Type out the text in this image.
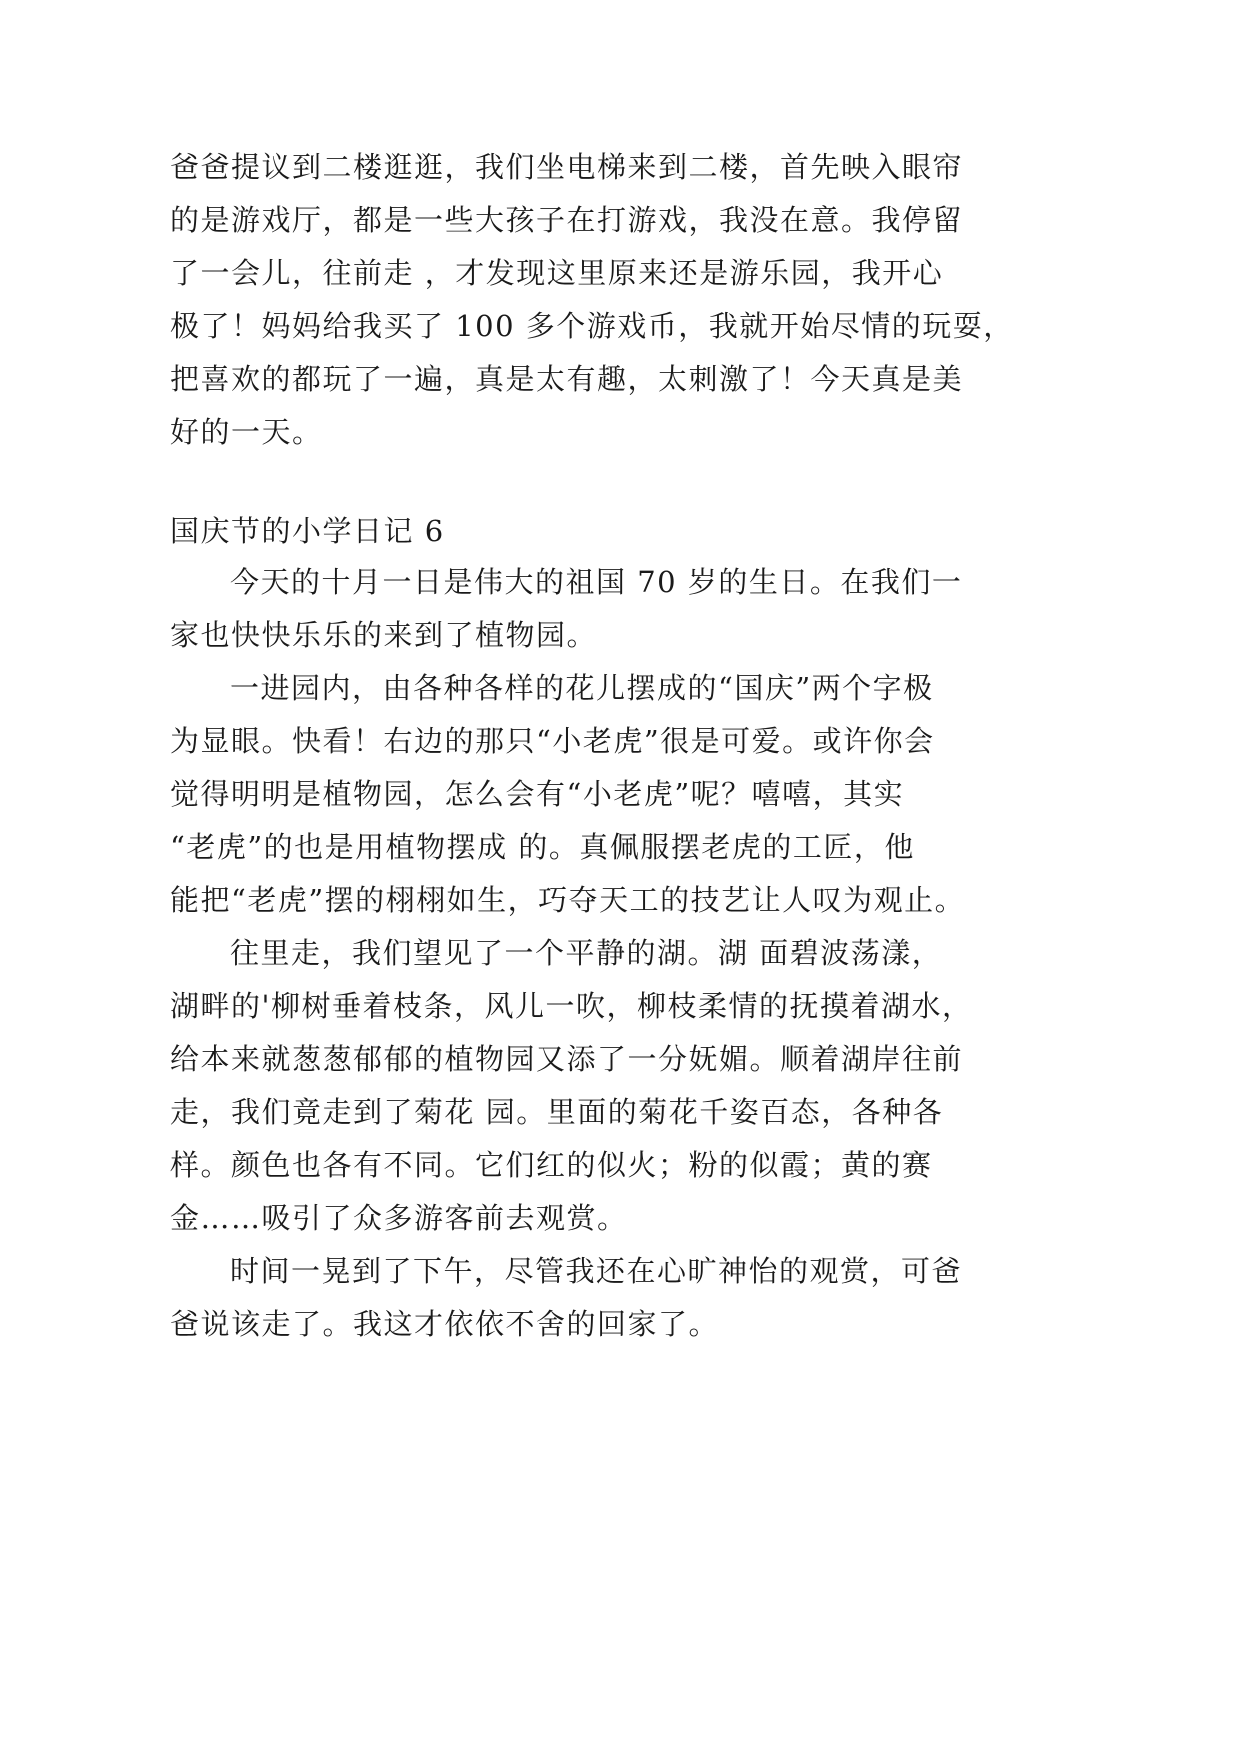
爸爸提议到二楼逛逛，我们坐电梯来到二楼，首先映入眼帘

的是游戏厅，都是一些大孩子在打游戏，我没在意。我停留

了一会儿，往前走 ，才发现这里原来还是游乐园，我开心

极了！妈妈给我买了 100 多个游戏币，我就开始尽情的玩耍，

把喜欢的都玩了一遍，真是太有趣，太刺激了！今天真是美

好的一天。

国庆节的小学日记 6

今天的十月一日是伟大的祖国 70 岁的生日。在我们一

家也快快乐乐的来到了植物园。

一进园内，由各种各样的花儿摆成的“国庆”两个字极

为显眼。快看！右边的那只“小老虎”很是可爱。或许你会

觉得明明是植物园，怎么会有“小老虎”呢？嘻嘻，其实

“老虎”的也是用植物摆成 的。真佩服摆老虎的工匠，他

能把“老虎”摆的栩栩如生，巧夺天工的技艺让人叹为观止。

往里走，我们望见了一个平静的湖。湖 面碧波荡漾，

湖畔的'柳树垂着枝条，风儿一吹，柳枝柔情的抚摸着湖水，

给本来就葱葱郁郁的植物园又添了一分妩媚。顺着湖岸往前

走，我们竟走到了菊花 园。里面的菊花千姿百态，各种各

样。颜色也各有不同。它们红的似火；粉的似霞；黄的赛

金……吸引了众多游客前去观赏。

时间一晃到了下午，尽管我还在心旷神怡的观赏，可爸

爸说该走了。我这才依依不舍的回家了。
